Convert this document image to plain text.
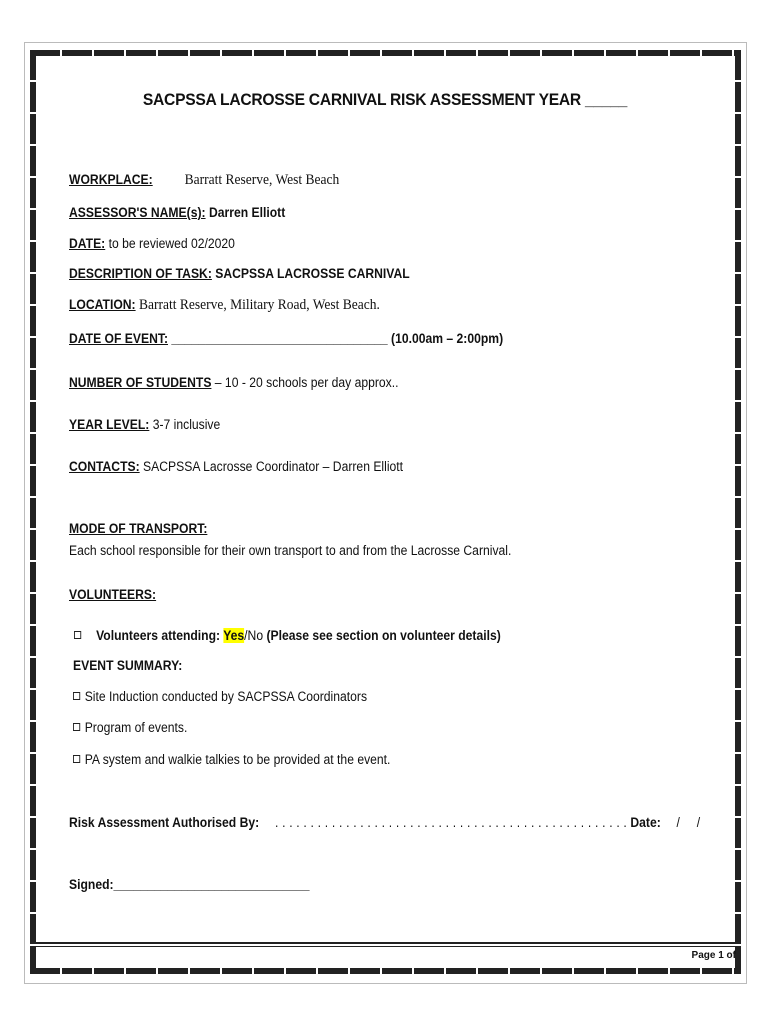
SACPSSA LACROSSE CARNIVAL RISK ASSESSMENT YEAR _____
WORKPLACE: Barratt Reserve, West Beach
ASSESSOR'S NAME(s): Darren Elliott
DATE: to be reviewed 02/2020
DESCRIPTION OF TASK: SACPSSA LACROSSE CARNIVAL
LOCATION: Barratt Reserve, Military Road, West Beach.
DATE OF EVENT: ________________________________ (10.00am – 2:00pm)
NUMBER OF STUDENTS – 10 - 20 schools per day approx..
YEAR LEVEL: 3-7 inclusive
CONTACTS: SACPSSA Lacrosse Coordinator – Darren Elliott
MODE OF TRANSPORT:
Each school responsible for their own transport to and from the Lacrosse Carnival.
VOLUNTEERS:
Volunteers attending: Yes/No (Please see section on volunteer details)
EVENT SUMMARY:
Site Induction conducted by SACPSSA Coordinators
Program of events.
PA system and walkie talkies to be provided at the event.
Risk Assessment Authorised By: . . . . . . . . . . . . . . . . . . . . . . . . . . . . . . . . . . . . . . . . . . . . . . . . . . Date: /     /
Signed:_____________________________
Page 1 of
